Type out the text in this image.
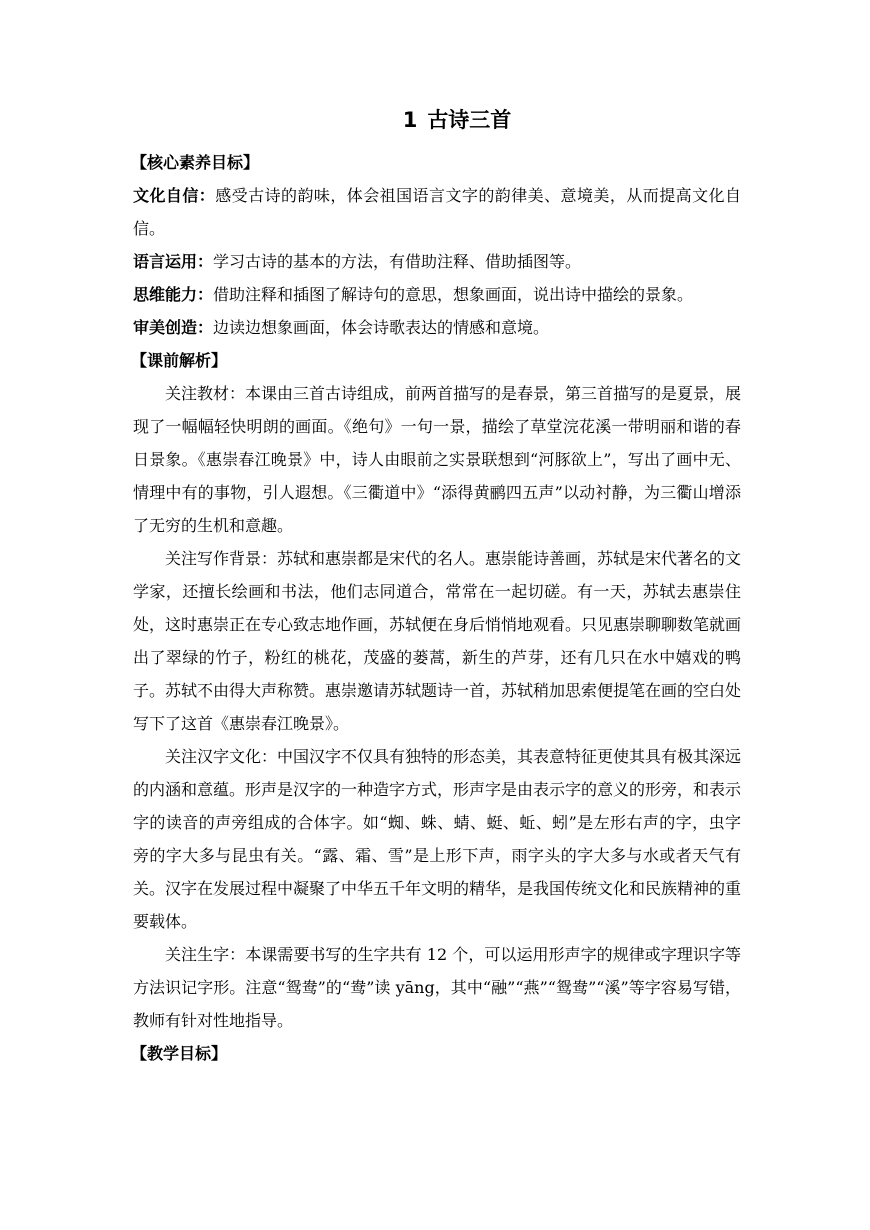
1 古诗三首
【核心素养目标】

文化自信：感受古诗的韵味，体会祖国语言文字的韵律美、意境美，从而提高文化自信。

语言运用：学习古诗的基本的方法，有借助注释、借助插图等。

思维能力：借助注释和插图了解诗句的意思，想象画面，说出诗中描绘的景象。

审美创造：边读边想象画面，体会诗歌表达的情感和意境。

【课前解析】

关注教材：本课由三首古诗组成，前两首描写的是春景，第三首描写的是夏景，展现了一幅幅轻快明朗的画面。《绝句》一句一景，描绘了草堂浣花溪一带明丽和谐的春日景象。《惠崇春江晚景》中，诗人由眼前之实景联想到“河豚欲上”，写出了画中无、情理中有的事物，引人遐想。《三衢道中》“添得黄鹂四五声”以动衬静，为三衢山增添了无穷的生机和意趣。

关注写作背景：苏轼和惠崇都是宋代的名人。惠崇能诗善画，苏轼是宋代著名的文学家，还擅长绘画和书法，他们志同道合，常常在一起切磋。有一天，苏轼去惠崇住处，这时惠崇正在专心致志地作画，苏轼便在身后悄悄地观看。只见惠崇聊聊数笔就画出了翠绿的竹子，粉红的桃花，茂盛的蒌蒿，新生的芦芽，还有几只在水中嬉戏的鸭子。苏轼不由得大声称赞。惠崇邀请苏轼题诗一首，苏轼稍加思索便提笔在画的空白处写下了这首《惠崇春江晚景》。

关注汉字文化：中国汉字不仅具有独特的形态美，其表意特征更使其具有极其深远的内涵和意蕴。形声是汉字的一种造字方式，形声字是由表示字的意义的形旁，和表示字的读音的声旁组成的合体字。如“蜘、蛛、蜻、蜓、蚯、蚓”是左形右声的字，虫字旁的字大多与昆虫有关。“露、霜、雪”是上形下声，雨字头的字大多与水或者天气有关。汉字在发展过程中凝聚了中华五千年文明的精华，是我国传统文化和民族精神的重要载体。

关注生字：本课需要书写的生字共有 12 个，可以运用形声字的规律或字理识字等方法识记字形。注意“鸳鸯”的“鸯”读 yāng，其中“融”“燕”“鸳鸯”“溪”等字容易写错，教师有针对性地指导。

【教学目标】
